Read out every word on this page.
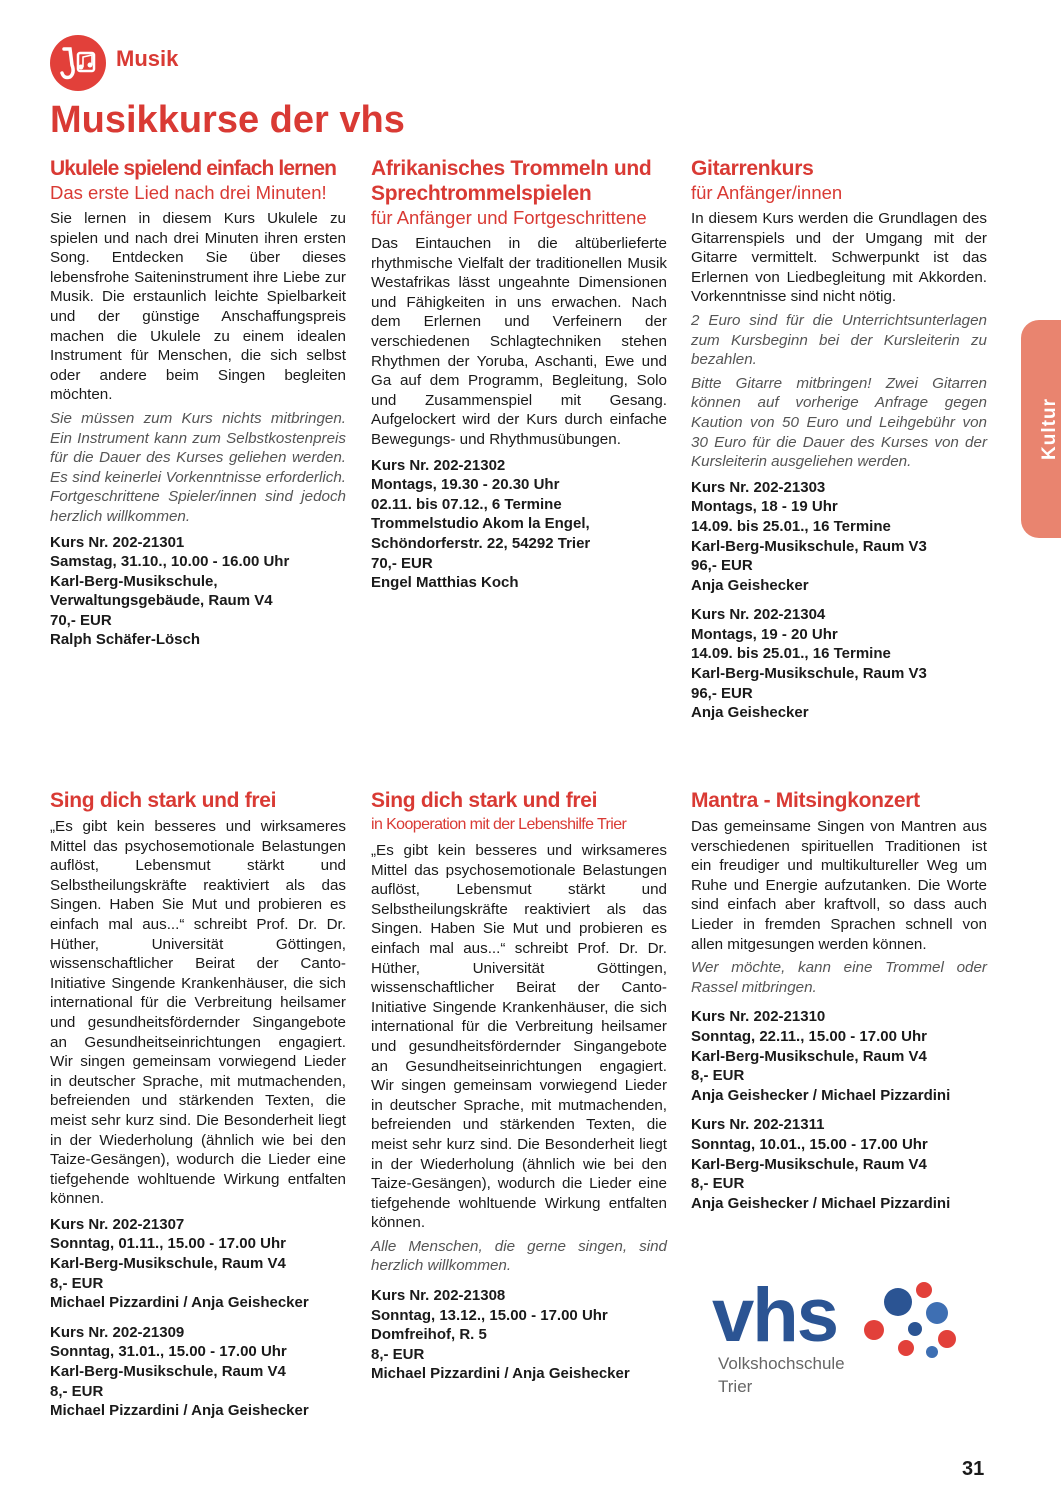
Musik
Musikkurse der vhs
Ukulele spielend einfach lernen
Das erste Lied nach drei Minuten!

Sie lernen in diesem Kurs Ukulele zu spielen und nach drei Minuten ihren ersten Song. Entdecken Sie über dieses lebensfrohe Saiteninstrument ihre Liebe zur Musik. Die erstaunlich leichte Spielbarkeit und der günstige Anschaffungspreis machen die Ukulele zu einem idealen Instrument für Menschen, die sich selbst oder andere beim Singen begleiten möchten.

Sie müssen zum Kurs nichts mitbringen. Ein Instrument kann zum Selbstkostenpreis für die Dauer des Kurses geliehen werden. Es sind keinerlei Vorkenntnisse erforderlich. Fortgeschrittene Spieler/innen sind jedoch herzlich willkommen.

Kurs Nr. 202-21301
Samstag, 31.10., 10.00 - 16.00 Uhr
Karl-Berg-Musikschule,
Verwaltungsgebäude, Raum V4
70,- EUR
Ralph Schäfer-Lösch
Afrikanisches Trommeln und Sprechtrommelspielen
für Anfänger und Fortgeschrittene

Das Eintauchen in die altüberlieferte rhythmische Vielfalt der traditionellen Musik Westafrikas lässt ungeahnte Dimensionen und Fähigkeiten in uns erwachen. Nach dem Erlernen und Verfeinern der verschiedenen Schlagtechniken stehen Rhythmen der Yoruba, Aschanti, Ewe und Ga auf dem Programm, Begleitung, Solo und Zusammenspiel mit Gesang. Aufgelockert wird der Kurs durch einfache Bewegungs- und Rhythmusübungen.

Kurs Nr. 202-21302
Montags, 19.30 - 20.30 Uhr
02.11. bis 07.12., 6 Termine
Trommelstudio Akom la Engel,
Schöndorferstr. 22, 54292 Trier
70,- EUR
Engel Matthias Koch
Gitarrenkurs
für Anfänger/innen

In diesem Kurs werden die Grundlagen des Gitarrenspiels und der Umgang mit der Gitarre vermittelt. Schwerpunkt ist das Erlernen von Liedbegleitung mit Akkorden. Vorkenntnisse sind nicht nötig.

2 Euro sind für die Unterrichtsunterlagen zum Kursbeginn bei der Kursleiterin zu bezahlen.

Bitte Gitarre mitbringen! Zwei Gitarren können auf vorherige Anfrage gegen Kaution von 50 Euro und Leihgebühr von 30 Euro für die Dauer des Kurses von der Kursleiterin ausgeliehen werden.

Kurs Nr. 202-21303
Montags, 18 - 19 Uhr
14.09. bis 25.01., 16 Termine
Karl-Berg-Musikschule, Raum V3
96,- EUR
Anja Geishecker
Kurs Nr. 202-21304
Montags, 19 - 20 Uhr
14.09. bis 25.01., 16 Termine
Karl-Berg-Musikschule, Raum V3
96,- EUR
Anja Geishecker
Sing dich stark und frei

„Es gibt kein besseres und wirksameres Mittel das psychosemotionale Belastungen auflöst, Lebensmut stärkt und Selbstheilungskräfte reaktiviert als das Singen. Haben Sie Mut und probieren es einfach mal aus...“ schreibt Prof. Dr. Dr. Hüther, Universität Göttingen, wissenschaftlicher Beirat der Canto- Initiative Singende Krankenhäuser, die sich international für die Verbreitung heilsamer und gesundheitsfördernder Singangebote an Gesundheitseinrichtungen engagiert. Wir singen gemeinsam vorwiegend Lieder in deutscher Sprache, mit mutmachenden, befreienden und stärkenden Texten, die meist sehr kurz sind. Die Besonderheit liegt in der Wiederholung (ähnlich wie bei den Taize-Gesängen), wodurch die Lieder eine tiefgehende wohltuende Wirkung entfalten können.

Kurs Nr. 202-21307
Sonntag, 01.11., 15.00 - 17.00 Uhr
Karl-Berg-Musikschule, Raum V4
8,- EUR
Michael Pizzardini / Anja Geishecker
Kurs Nr. 202-21309
Sonntag, 31.01., 15.00 - 17.00 Uhr
Karl-Berg-Musikschule, Raum V4
8,- EUR
Michael Pizzardini / Anja Geishecker
Sing dich stark und frei
in Kooperation mit der Lebenshilfe Trier

„Es gibt kein besseres und wirksameres Mittel das psychosemotionale Belastungen auflöst, Lebensmut stärkt und Selbstheilungskräfte reaktiviert als das Singen. Haben Sie Mut und probieren es einfach mal aus...“ schreibt Prof. Dr. Dr. Hüther, Universität Göttingen, wissenschaftlicher Beirat der Canto- Initiative Singende Krankenhäuser, die sich international für die Verbreitung heilsamer und gesundheitsfördernder Singangebote an Gesundheitseinrichtungen engagiert. Wir singen gemeinsam vorwiegend Lieder in deutscher Sprache, mit mutmachenden, befreienden und stärkenden Texten, die meist sehr kurz sind. Die Besonderheit liegt in der Wiederholung (ähnlich wie bei den Taize-Gesängen), wodurch die Lieder eine tiefgehende wohltuende Wirkung entfalten können.

Alle Menschen, die gerne singen, sind herzlich willkommen.

Kurs Nr. 202-21308
Sonntag, 13.12., 15.00 - 17.00 Uhr
Domfreihof, R. 5
8,- EUR
Michael Pizzardini / Anja Geishecker
Mantra - Mitsingkonzert

Das gemeinsame Singen von Mantren aus verschiedenen spirituellen Traditionen ist ein freudiger und multikultureller Weg um Ruhe und Energie aufzutanken. Die Worte sind einfach aber kraftvoll, so dass auch Lieder in fremden Sprachen schnell von allen mitgesungen werden können.

Wer möchte, kann eine Trommel oder Rassel mitbringen.

Kurs Nr. 202-21310
Sonntag, 22.11., 15.00 - 17.00 Uhr
Karl-Berg-Musikschule, Raum V4
8,- EUR
Anja Geishecker / Michael Pizzardini
Kurs Nr. 202-21311
Sonntag, 10.01., 15.00 - 17.00 Uhr
Karl-Berg-Musikschule, Raum V4
8,- EUR
Anja Geishecker / Michael Pizzardini
Kultur
vhs
Volkshochschule
Trier
31
